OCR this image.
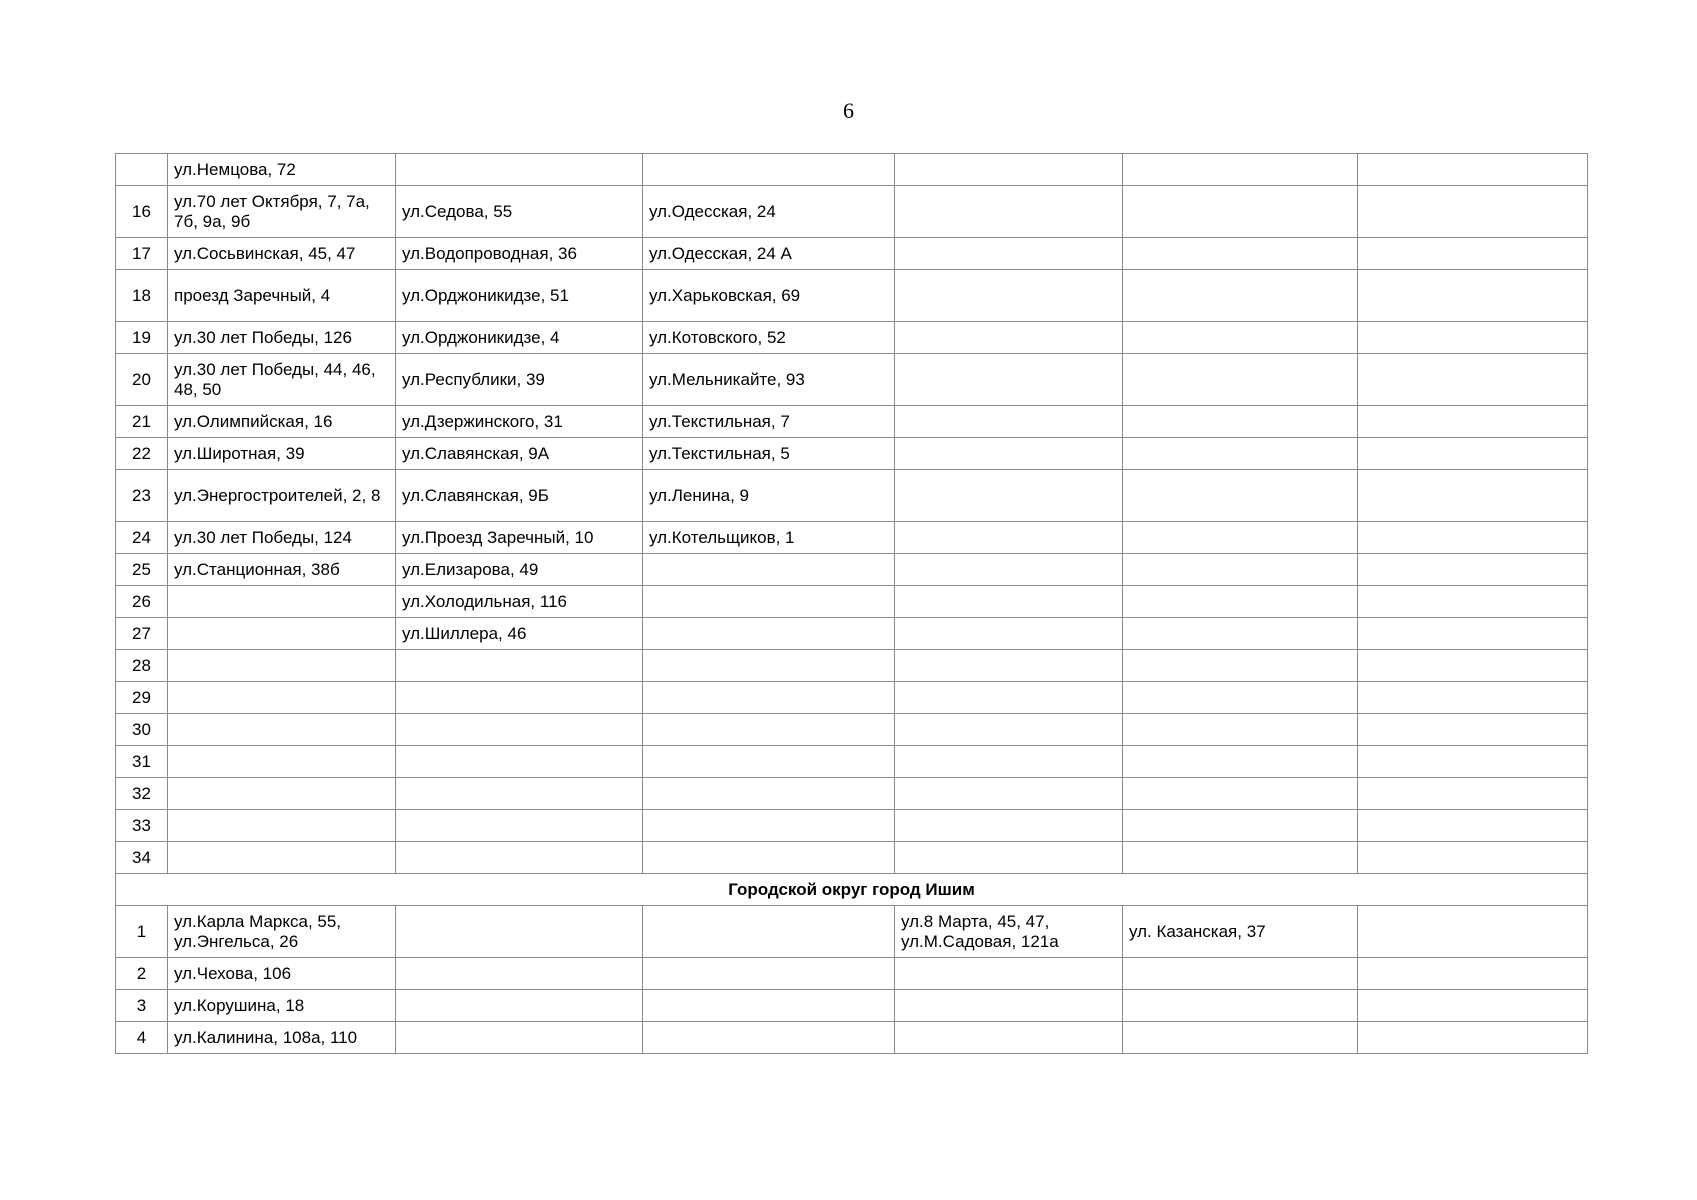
6
	ул.Немцова, 72					
16	ул.70 лет Октября, 7, 7а, 7б, 9а, 9б	ул.Седова, 55	ул.Одесская, 24			
17	ул.Сосьвинская, 45, 47	ул.Водопроводная, 36	ул.Одесская, 24 А			
18	проезд Заречный, 4	ул.Орджоникидзе, 51	ул.Харьковская, 69			
19	ул.30 лет Победы, 126	ул.Орджоникидзе, 4	ул.Котовского, 52			
20	ул.30 лет Победы, 44, 46, 48, 50	ул.Республики, 39	ул.Мельникайте, 93			
21	ул.Олимпийская, 16	ул.Дзержинского, 31	ул.Текстильная, 7			
22	ул.Широтная, 39	ул.Славянская, 9А	ул.Текстильная, 5			
23	ул.Энергостроителей, 2, 8	ул.Славянская, 9Б	ул.Ленина, 9			
24	ул.30 лет Победы, 124	ул.Проезд Заречный, 10	ул.Котельщиков, 1			
25	ул.Станционная, 38б	ул.Елизарова, 49				
26		ул.Холодильная, 116				
27		ул.Шиллера, 46				
28						
29						
30						
31						
32						
33						
34						
Городской округ город Ишим						
1	ул.Карла Маркса, 55, ул.Энгельса, 26			ул.8 Марта, 45, 47, ул.М.Садовая, 121а	ул. Казанская, 37	
2	ул.Чехова, 106					
3	ул.Корушина, 18					
4	ул.Калинина, 108а, 110					
